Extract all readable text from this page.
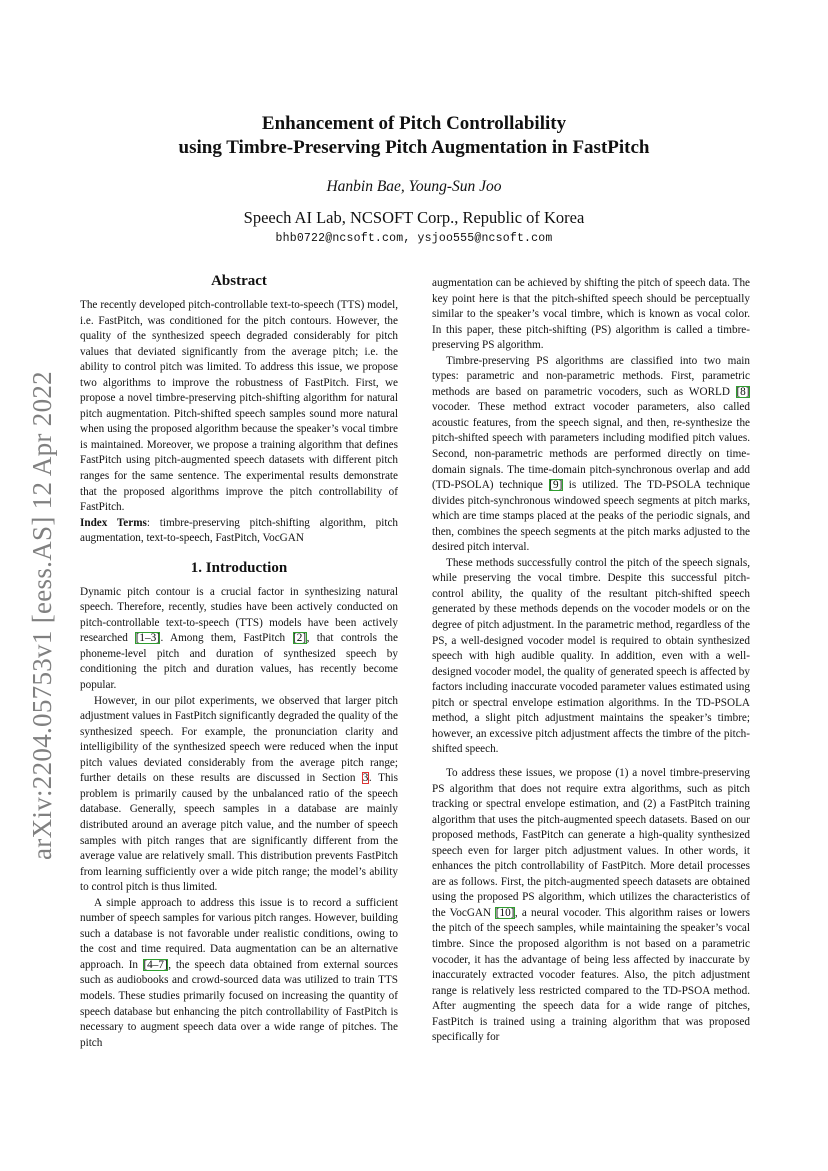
arXiv:2204.05753v1 [eess.AS] 12 Apr 2022
Enhancement of Pitch Controllability
using Timbre-Preserving Pitch Augmentation in FastPitch
Hanbin Bae, Young-Sun Joo
Speech AI Lab, NCSOFT Corp., Republic of Korea
bhb0722@ncsoft.com, ysjoo555@ncsoft.com
Abstract

The recently developed pitch-controllable text-to-speech (TTS) model, i.e. FastPitch, was conditioned for the pitch contours. However, the quality of the synthesized speech degraded considerably for pitch values that deviated significantly from the average pitch; i.e. the ability to control pitch was limited. To address this issue, we propose two algorithms to improve the robustness of FastPitch. First, we propose a novel timbre-preserving pitch-shifting algorithm for natural pitch augmentation. Pitch-shifted speech samples sound more natural when using the proposed algorithm because the speaker’s vocal timbre is maintained. Moreover, we propose a training algorithm that defines FastPitch using pitch-augmented speech datasets with different pitch ranges for the same sentence. The experimental results demonstrate that the proposed algorithms improve the pitch controllability of FastPitch.

Index Terms: timbre-preserving pitch-shifting algorithm, pitch augmentation, text-to-speech, FastPitch, VocGAN

1. Introduction

Dynamic pitch contour is a crucial factor in synthesizing natural speech. Therefore, recently, studies have been actively conducted on pitch-controllable text-to-speech (TTS) models have been actively researched [1–3]. Among them, FastPitch [2], that controls the phoneme-level pitch and duration of synthesized speech by conditioning the pitch and duration values, has recently become popular.

However, in our pilot experiments, we observed that larger pitch adjustment values in FastPitch significantly degraded the quality of the synthesized speech. For example, the pronunciation clarity and intelligibility of the synthesized speech were reduced when the input pitch values deviated considerably from the average pitch range; further details on these results are discussed in Section 3. This problem is primarily caused by the unbalanced ratio of the speech database. Generally, speech samples in a database are mainly distributed around an average pitch value, and the number of speech samples with pitch ranges that are significantly different from the average value are relatively small. This distribution prevents FastPitch from learning sufficiently over a wide pitch range; the model’s ability to control pitch is thus limited.

A simple approach to address this issue is to record a sufficient number of speech samples for various pitch ranges. However, building such a database is not favorable under realistic conditions, owing to the cost and time required. Data augmentation can be an alternative approach. In [4–7], the speech data obtained from external sources such as audiobooks and crowd-sourced data was utilized to train TTS models. These studies primarily focused on increasing the quantity of speech database but enhancing the pitch controllability of FastPitch is necessary to augment speech data over a wide range of pitches. The pitch

augmentation can be achieved by shifting the pitch of speech data. The key point here is that the pitch-shifted speech should be perceptually similar to the speaker’s vocal timbre, which is known as vocal color. In this paper, these pitch-shifting (PS) algorithm is called a timbre-preserving PS algorithm.

Timbre-preserving PS algorithms are classified into two main types: parametric and non-parametric methods. First, parametric methods are based on parametric vocoders, such as WORLD [8] vocoder. These method extract vocoder parameters, also called acoustic features, from the speech signal, and then, re-synthesize the pitch-shifted speech with parameters including modified pitch values. Second, non-parametric methods are performed directly on time-domain signals. The time-domain pitch-synchronous overlap and add (TD-PSOLA) technique [9] is utilized. The TD-PSOLA technique divides pitch-synchronous windowed speech segments at pitch marks, which are time stamps placed at the peaks of the periodic signals, and then, combines the speech segments at the pitch marks adjusted to the desired pitch interval.

These methods successfully control the pitch of the speech signals, while preserving the vocal timbre. Despite this successful pitch-control ability, the quality of the resultant pitch-shifted speech generated by these methods depends on the vocoder models or on the degree of pitch adjustment. In the parametric method, regardless of the PS, a well-designed vocoder model is required to obtain synthesized speech with high audible quality. In addition, even with a well-designed vocoder model, the quality of generated speech is affected by factors including inaccurate vocoded parameter values estimated using pitch or spectral envelope estimation algorithms. In the TD-PSOLA method, a slight pitch adjustment maintains the speaker’s timbre; however, an excessive pitch adjustment affects the timbre of the pitch-shifted speech.

To address these issues, we propose (1) a novel timbre-preserving PS algorithm that does not require extra algorithms, such as pitch tracking or spectral envelope estimation, and (2) a FastPitch training algorithm that uses the pitch-augmented speech datasets. Based on our proposed methods, FastPitch can generate a high-quality synthesized speech even for larger pitch adjustment values. In other words, it enhances the pitch controllability of FastPitch. More detail processes are as follows. First, the pitch-augmented speech datasets are obtained using the proposed PS algorithm, which utilizes the characteristics of the VocGAN [10], a neural vocoder. This algorithm raises or lowers the pitch of the speech samples, while maintaining the speaker’s vocal timbre. Since the proposed algorithm is not based on a parametric vocoder, it has the advantage of being less affected by inaccurate by inaccurately extracted vocoder features. Also, the pitch adjustment range is relatively less restricted compared to the TD-PSOA method. After augmenting the speech data for a wide range of pitches, FastPitch is trained using a training algorithm that was proposed specifically for
